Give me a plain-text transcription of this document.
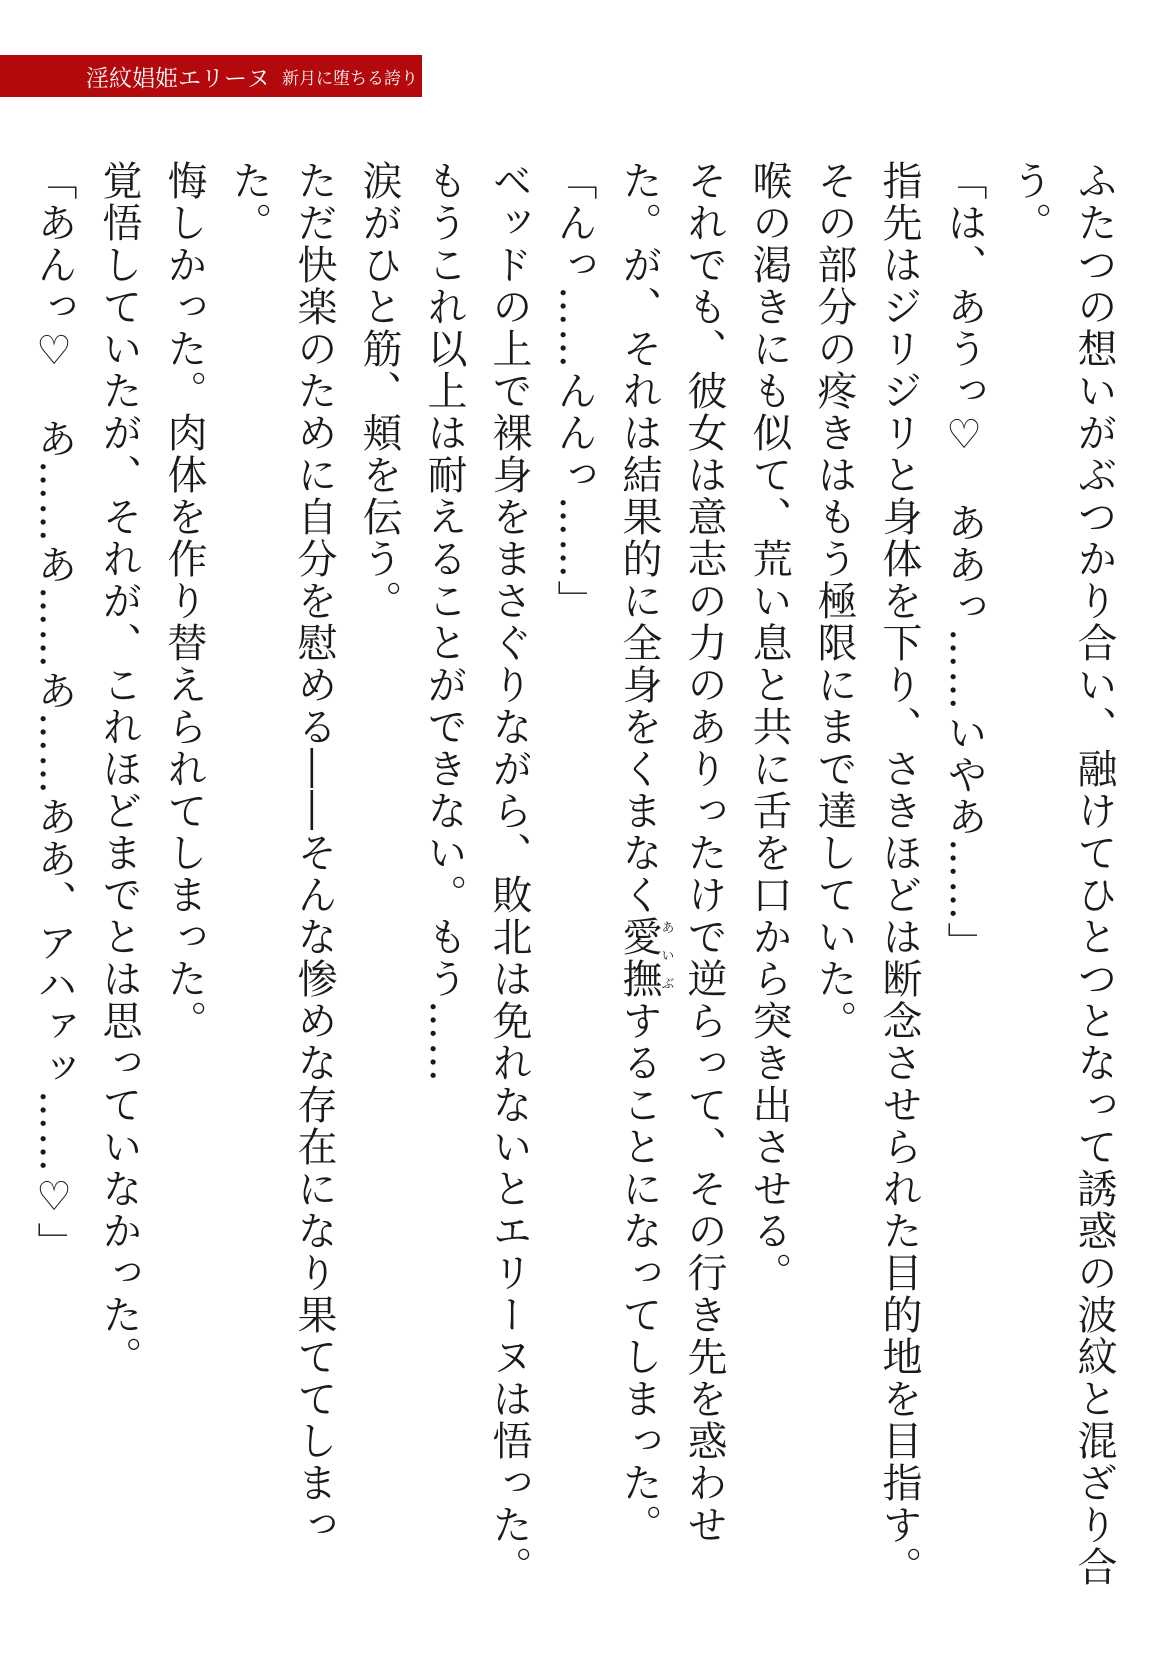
淫紋娼姫エリーヌ 新月に堕ちる誇り

ふたつの想いがぶつかり合い、融けてひとつとなって誘惑の波紋と混ざり合う。

「は、あうっ♡　ああっ……いやあ……」

指先はジリジリと身体を下り、さきほどは断念させられた目的地を目指す。

その部分の疼きはもう極限にまで達していた。

喉の渇きにも似て、荒い息と共に舌を口から突き出させる。

それでも、彼女は意志の力のありったけで逆らって、その行き先を惑わせた。が、それは結果的に全身をくまなく愛撫あいぶすることになってしまった。

「んっ……んんっ……」

ベッドの上で裸身をまさぐりながら、敗北は免れないとエリーヌは悟った。

もうこれ以上は耐えることができない。もう……

涙がひと筋、頬を伝う。

ただ快楽のために自分を慰める――そんな惨めな存在になり果ててしまった。

悔しかった。肉体を作り替えられてしまった。

覚悟していたが、それが、これほどまでとは思っていなかった。

「あんっ♡　あ……あ……あ……ああ、アハァッ……♡」
